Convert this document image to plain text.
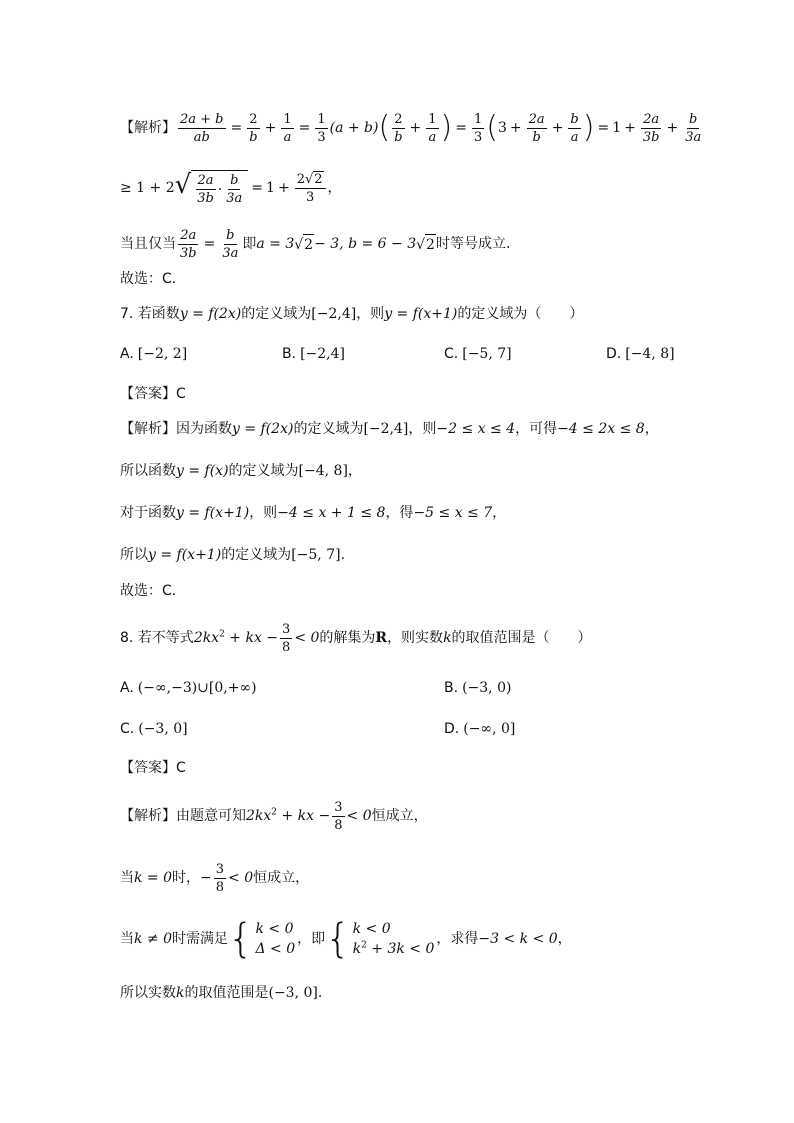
【解析】 $\frac{2a + b}{ab} = \frac{2}{b} + \frac{1}{a} = \frac{1}{3} (a + b)$ ( $\frac{2}{b} + \frac{1}{a}$ ) = $\frac{1}{3}$ ( $3 + \frac{2a}{b} + \frac{b}{a}$ ) = $1 + \frac{2a}{3b} + \frac{b}{3a}$
≥ 1 + 2 √ $\frac{2a}{3b} \cdot \frac{b}{3a} = 1 + \frac{2 √ 2}{3}$ ，
当且仅当 $\frac{2a}{3b} = \frac{b}{3a}$ 即 a = 3 √ 2 − 3, b = 6 − 3 √ 2 时等号成立.
故选：C.
7. 若函数 y = f(2x) 的定义域为 [−2,4] ，则 y = f(x+1) 的定义域为（　　）
A. [−2, 2]	B. [−2,4]	C. [−5, 7]	D. [−4, 8]
【答案】 C
【解析】 因为函数 y = f(2x) 的定义域为 [−2,4] ，则 −2 ≤ x ≤ 4 ，可得 −4 ≤ 2x ≤ 8 ，
所以函数 y = f(x) 的定义域为 [−4, 8] ，
对于函数 y = f(x+1) ，则 −4 ≤ x + 1 ≤ 8 ，得 −5 ≤ x ≤ 7 ，
所以 y = f(x+1) 的定义域为 [−5, 7] .
故选：C.
8. 若不等式 $2kx^2$ + kx − $\frac{3}{8} < 0$ 的解集为 R ，则实数 k 的取值范围是（　　）
A. (−∞,−3)∪[0,+∞)	B. (−3, 0)
C. (−3, 0]	D. (−∞, 0]
【答案】 C
【解析】 由题意可知 $2kx^2$ + kx − $\frac{3}{8} < 0$ 恒成立，
当 k = 0 时， − $\frac{3}{8} < 0$ 恒成立，
当 k ≠ 0 时需满足 { k < 0
Δ < 0
，即 { k < 0
$k^2 + 3k < 0$
，求得 −3 < k < 0 ，
所以实数 k 的取值范围是 (−3, 0] .
